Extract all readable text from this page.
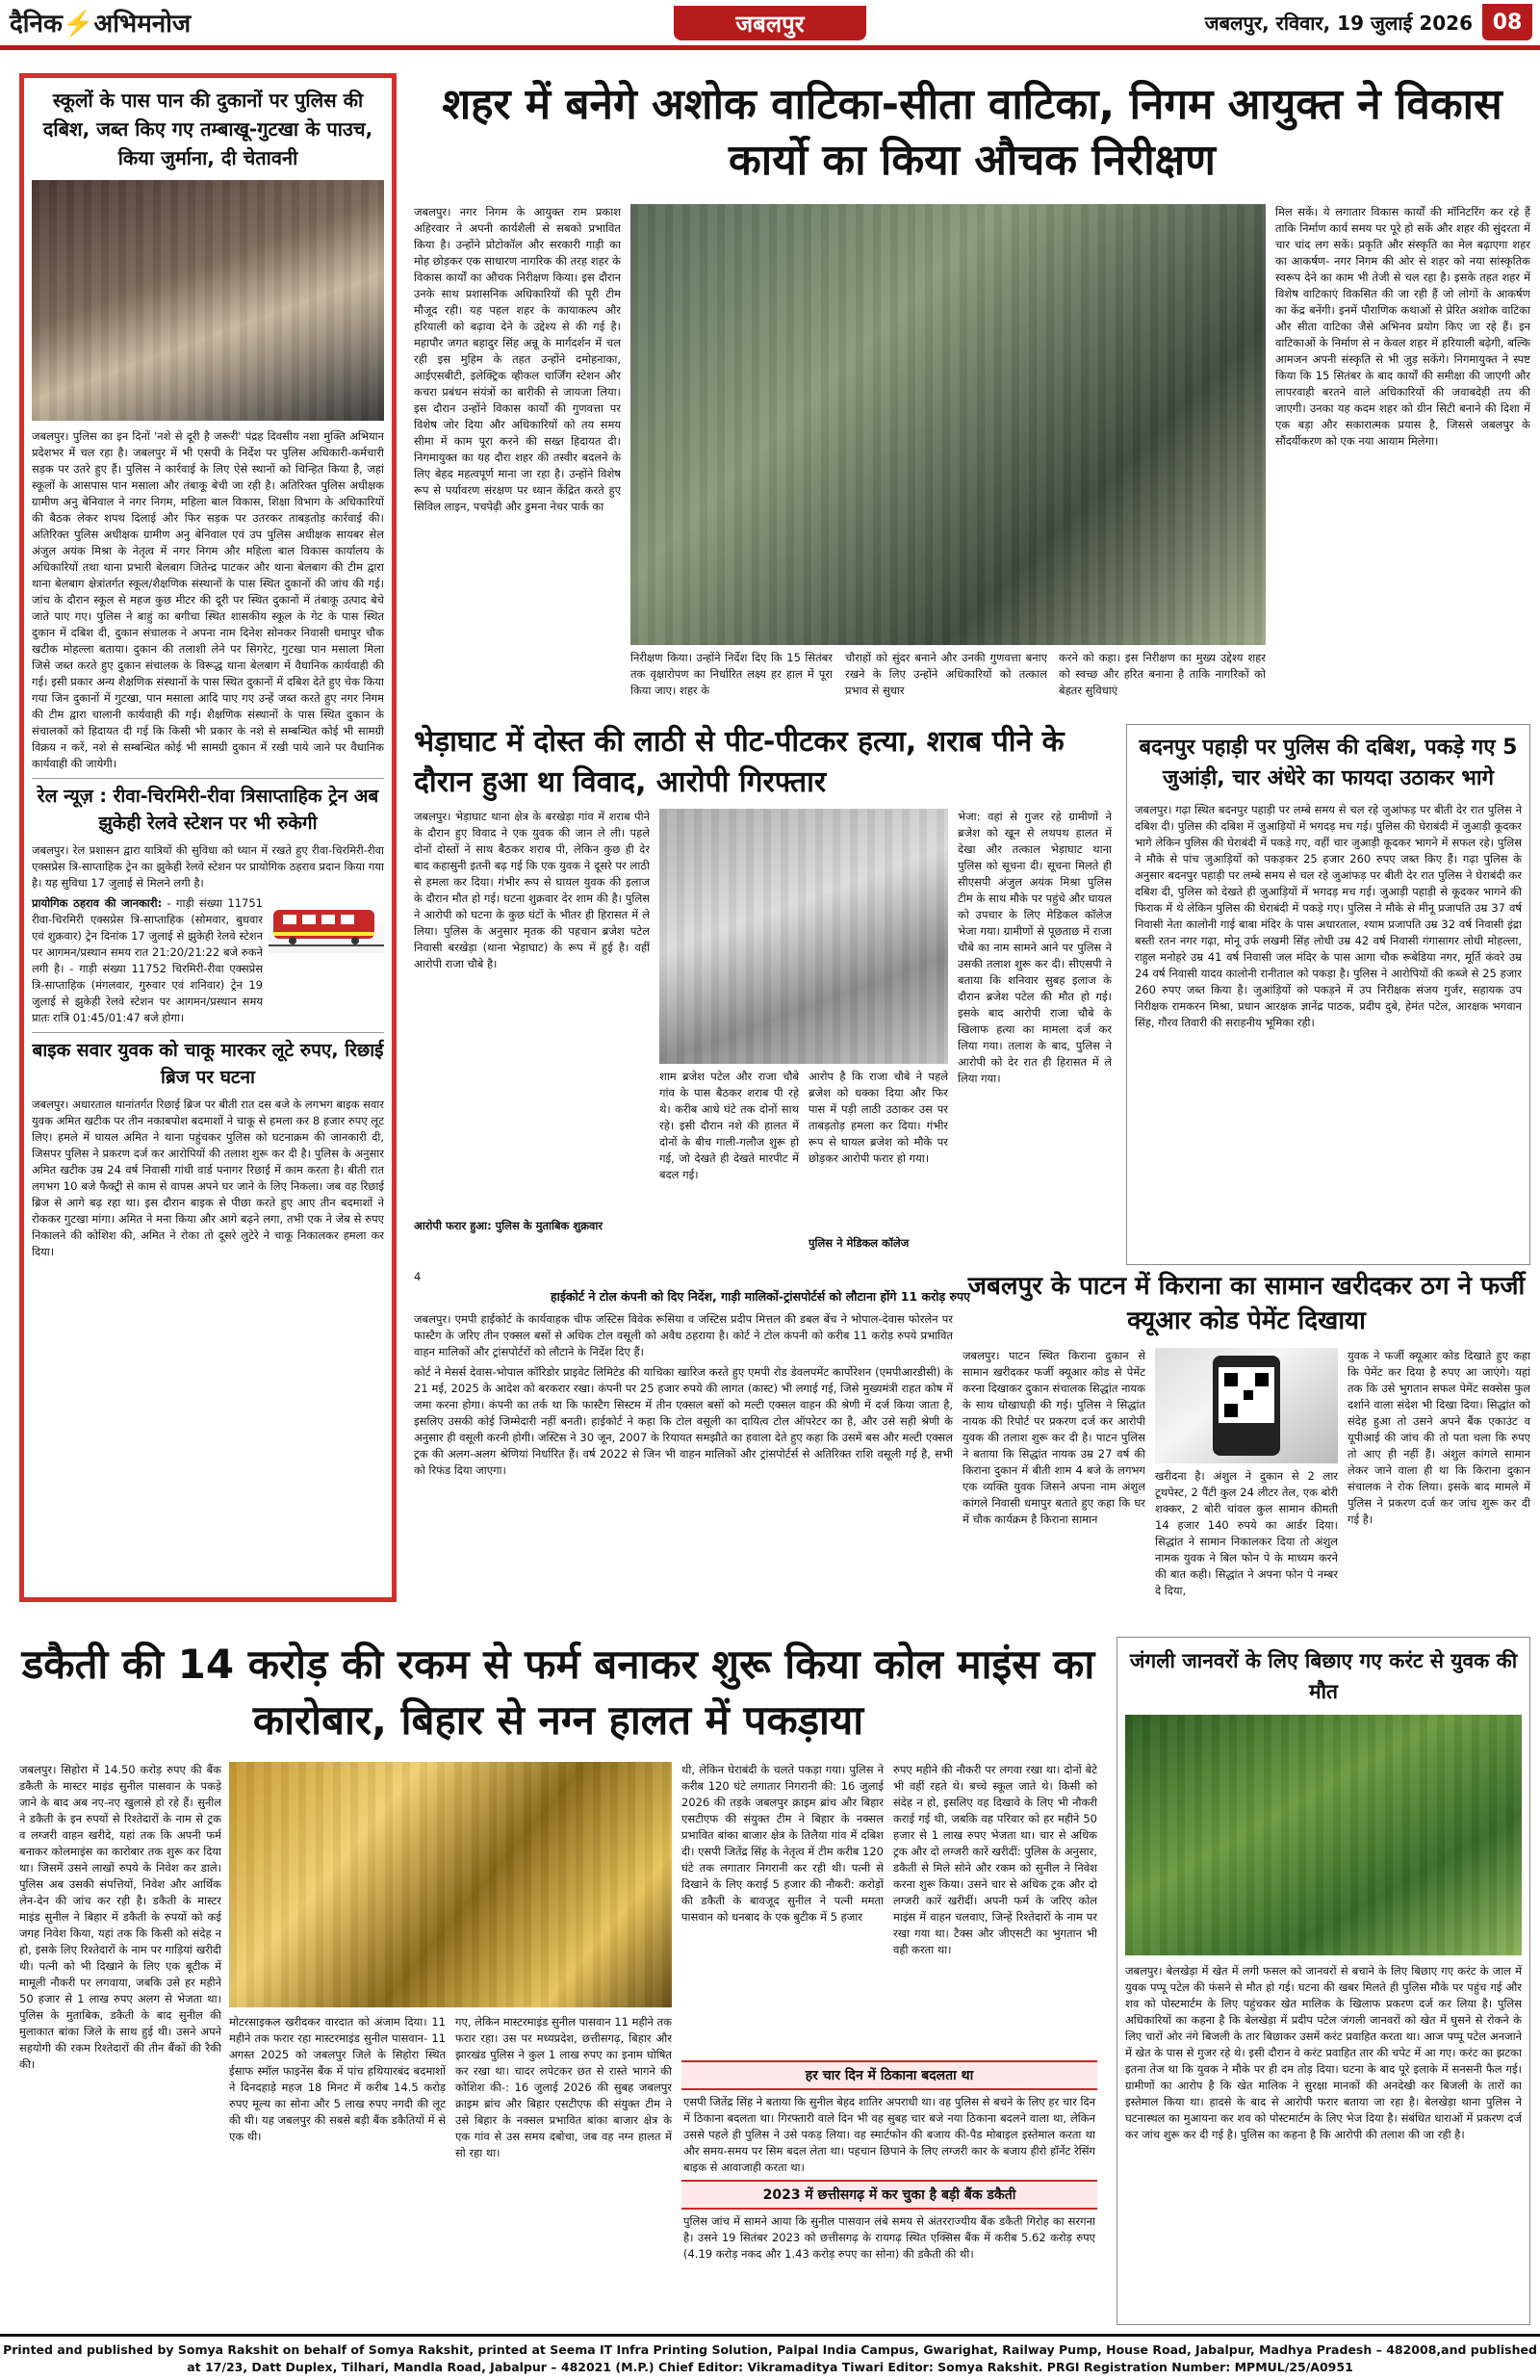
दैनिक⚡अभिमनोज	जबलपुर	जबलपुर, रविवार, 19 जुलाई 2026 08
स्कूलों के पास पान की दुकानों पर पुलिस की दबिश, जब्त किए गए तम्बाखू-गुटखा के पाउच, किया जुर्माना, दी चेतावनी
जबलपुर। पुलिस का इन दिनों 'नशे से दूरी है जरूरी' पंद्रह दिवसीय नशा मुक्ति अभियान प्रदेशभर में चल रहा है। जबलपुर में भी एसपी के निर्देश पर पुलिस अधिकारी-कर्मचारी सड़क पर उतरे हुए हैं। पुलिस ने कार्रवाई के लिए ऐसे स्थानों को चिन्हित किया है, जहां स्कूलों के आसपास पान मसाला और तंबाकू बेची जा रही है। अतिरिक्त पुलिस अधीक्षक ग्रामीण अनु बेनिवाल ने नगर निगम, महिला बाल विकास, शिक्षा विभाग के अधिकारियों की बैठक लेकर शपथ दिलाई और फिर सड़क पर उतरकर ताबड़तोड़ कार्रवाई की। अतिरिक्त पुलिस अधीक्षक ग्रामीण अनु बेनिवाल एवं उप पुलिस अधीक्षक सायबर सेल अंजुल अयंक मिश्रा के नेतृत्व में नगर निगम और महिला बाल विकास कार्यालय के अधिकारियों तथा थाना प्रभारी बेलबाग जितेन्द्र पाटकर और थाना बेलबाग की टीम द्वारा थाना बेलबाग क्षेत्रांतर्गत स्कूल/शैक्षणिक संस्थानों के पास स्थित दुकानों की जांच की गई। जांच के दौरान स्कूल से महज कुछ मीटर की दूरी पर स्थित दुकानों में तंबाकू उत्पाद बेचे जाते पाए गए। पुलिस ने बाहुं का बगीचा स्थित शासकीय स्कूल के गेट के पास स्थित दुकान में दबिश दी, दुकान संचालक ने अपना नाम दिनेश सोनकर निवासी धमापुर चौक खटीक मोहल्ला बताया। दुकान की तलाशी लेने पर सिगरेट, गुटखा पान मसाला मिला जिसे जब्त करते हुए दुकान संचालक के विरूद्ध थाना बेलबाग में वैधानिक कार्यवाही की गई। इसी प्रकार अन्य शैक्षणिक संस्थानों के पास स्थित दुकानों में दबिश देते हुए चेक किया गया जिन दुकानों में गुटखा, पान मसाला आदि पाए गए उन्हें जब्त करते हुए नगर निगम की टीम द्वारा चालानी कार्यवाही की गई। शैक्षणिक संस्थानों के पास स्थित दुकान के संचालकों को हिदायत दी गई कि किसी भी प्रकार के नशे से सम्बन्धित कोई भी सामग्री विक्रय न करें, नशे से सम्बन्धित कोई भी सामग्री दुकान में रखी पाये जाने पर वैधानिक कार्यवाही की जायेगी।
रेल न्यूज़ : रीवा-चिरमिरी-रीवा त्रिसाप्ताहिक ट्रेन अब झुकेही रेलवे स्टेशन पर भी रुकेगी
जबलपुर। रेल प्रशासन द्वारा यात्रियों की सुविधा को ध्यान में रखते हुए रीवा-चिरमिरी-रीवा एक्सप्रेस त्रि-साप्ताहिक ट्रेन का झुकेही रेलवे स्टेशन पर प्रायोगिक ठहराव प्रदान किया गया है। यह सुविधा 17 जुलाई से मिलने लगी है।
प्रायोगिक ठहराव की जानकारी: - गाड़ी संख्या 11751 रीवा-चिरमिरी एक्सप्रेस त्रि-साप्ताहिक (सोमवार, बुधवार एवं शुक्रवार) ट्रेन दिनांक 17 जुलाई से झुकेही रेलवे स्टेशन पर आगमन/प्रस्थान समय रात 21:20/21:22 बजे रुकने लगी है। - गाड़ी संख्या 11752 चिरमिरी-रीवा एक्सप्रेस त्रि-साप्ताहिक (मंगलवार, गुरुवार एवं शनिवार) ट्रेन 19 जुलाई से झुकेही रेलवे स्टेशन पर आगमन/प्रस्थान समय प्रातः रात्रि 01:45/01:47 बजे होगा।
बाइक सवार युवक को चाकू मारकर लूटे रुपए, रिछाई ब्रिज पर घटना
जबलपुर। अधारताल थानांतर्गत रिछाई ब्रिज पर बीती रात दस बजे के लगभग बाइक सवार युवक अमित खटीक पर तीन नकाबपोश बदमाशों ने चाकू से हमला कर 8 हजार रुपए लूट लिए। हमले में घायल अमित ने थाना पहुंचकर पुलिस को घटनाक्रम की जानकारी दी, जिसपर पुलिस ने प्रकरण दर्ज कर आरोपियों की तलाश शुरू कर दी है। पुलिस के अनुसार अमित खटीक उम्र 24 वर्ष निवासी गांधी वार्ड पनागर रिछाई में काम करता है। बीती रात लगभग 10 बजे फैक्ट्री से काम से वापस अपने घर जाने के लिए निकला। जब वह रिछाई ब्रिज से आगे बढ़ रहा था। इस दौरान बाइक से पीछा करते हुए आए तीन बदमाशों ने रोककर गुटखा मांगा। अमित ने मना किया और आगे बढ़ने लगा, तभी एक ने जेब से रुपए निकालने की कोशिश की, अमित ने रोका तो दूसरे लुटेरे ने चाकू निकालकर हमला कर दिया।
शहर में बनेगे अशोक वाटिका-सीता वाटिका, निगम आयुक्त ने विकास कार्यो का किया औचक निरीक्षण
जबलपुर। नगर निगम के आयुक्त राम प्रकाश अहिरवार ने अपनी कार्यशैली से सबको प्रभावित किया है। उन्होंने प्रोटोकॉल और सरकारी गाड़ी का मोह छोड़कर एक साधारण नागरिक की तरह शहर के विकास कार्यों का औचक निरीक्षण किया। इस दौरान उनके साथ प्रशासनिक अधिकारियों की पूरी टीम मौजूद रही। यह पहल शहर के कायाकल्प और हरियाली को बढ़ावा देने के उद्देश्य से की गई है। महापौर जगत बहादुर सिंह अन्नू के मार्गदर्शन में चल रही इस मुहिम के तहत उन्होंने दमोहनाका, आईएसबीटी, इलेक्ट्रिक व्हीकल चार्जिंग स्टेशन और कचरा प्रबंधन संयंत्रों का बारीकी से जायजा लिया। इस दौरान उन्होंने विकास कार्यों की गुणवत्ता पर विशेष जोर दिया और अधिकारियों को तय समय सीमा में काम पूरा करने की सख्त हिदायत दी। निगमायुक्त का यह दौरा शहर की तस्वीर बदलने के लिए बेहद महत्वपूर्ण माना जा रहा है। उन्होंने विशेष रूप से पर्यावरण संरक्षण पर ध्यान केंद्रित करते हुए सिविल लाइन, पचपेढ़ी और डुमना नेचर पार्क का
निरीक्षण किया। उन्होंने निर्देश दिए कि 15 सितंबर तक वृक्षारोपण का निर्धारित लक्ष्य हर हाल में पूरा किया जाए। शहर के
चौराहों को सुंदर बनाने और उनकी गुणवत्ता बनाए रखने के लिए उन्होंने अधिकारियों को तत्काल प्रभाव से सुधार
करने को कहा। इस निरीक्षण का मुख्य उद्देश्य शहर को स्वच्छ और हरित बनाना है ताकि नागरिकों को बेहतर सुविधाएं
मिल सकें। ये लगातार विकास कार्यों की मॉनिटरिंग कर रहे हैं ताकि निर्माण कार्य समय पर पूरे हो सकें और शहर की सुंदरता में चार चांद लग सकें। प्रकृति और संस्कृति का मेल बढ़ाएगा शहर का आकर्षण- नगर निगम की ओर से शहर को नया सांस्कृतिक स्वरूप देने का काम भी तेजी से चल रहा है। इसके तहत शहर में विशेष वाटिकाएं विकसित की जा रही हैं जो लोगों के आकर्षण का केंद्र बनेंगी। इनमें पौराणिक कथाओं से प्रेरित अशोक वाटिका और सीता वाटिका जैसे अभिनव प्रयोग किए जा रहे हैं। इन वाटिकाओं के निर्माण से न केवल शहर में हरियाली बढ़ेगी, बल्कि आमजन अपनी संस्कृति से भी जुड़ सकेंगे। निगमायुक्त ने स्पष्ट किया कि 15 सितंबर के बाद कार्यों की समीक्षा की जाएगी और लापरवाही बरतने वाले अधिकारियों की जवाबदेही तय की जाएगी। उनका यह कदम शहर को ग्रीन सिटी बनाने की दिशा में एक बड़ा और सकारात्मक प्रयास है, जिससे जबलपुर के सौंदर्यीकरण को एक नया आयाम मिलेगा।
भेड़ाघाट में दोस्त की लाठी से पीट-पीटकर हत्या, शराब पीने के दौरान हुआ था विवाद, आरोपी गिरफ्तार
जबलपुर। भेड़ाघाट थाना क्षेत्र के बरखेड़ा गांव में शराब पीने के दौरान हुए विवाद ने एक युवक की जान ले ली। पहले दोनों दोस्तों ने साथ बैठकर शराब पी, लेकिन कुछ ही देर बाद कहासुनी इतनी बढ़ गई कि एक युवक ने दूसरे पर लाठी से हमला कर दिया। गंभीर रूप से घायल युवक की इलाज के दौरान मौत हो गई। घटना शुक्रवार देर शाम की है। पुलिस ने आरोपी को घटना के कुछ घंटों के भीतर ही हिरासत में ले लिया। पुलिस के अनुसार मृतक की पहचान ब्रजेश पटेल निवासी बरखेड़ा (थाना भेड़ाघाट) के रूप में हुई है। वहीं आरोपी राजा चौबे है।
आरोपी फरार हुआ: पुलिस के मुताबिक शुक्रवार
शाम ब्रजेश पटेल और राजा चौबे गांव के पास बैठकर शराब पी रहे थे। करीब आधे घंटे तक दोनों साथ रहे। इसी दौरान नशे की हालत में दोनों के बीच गाली-गलौज शुरू हो गई, जो देखते ही देखते मारपीट में बदल गई।
आरोप है कि राजा चौबे ने पहले ब्रजेश को धक्का दिया और फिर पास में पड़ी लाठी उठाकर उस पर ताबड़तोड़ हमला कर दिया। गंभीर रूप से घायल ब्रजेश को मौके पर छोड़कर आरोपी फरार हो गया।
पुलिस ने मेडिकल कॉलेज
भेजा: वहां से गुजर रहे ग्रामीणों ने ब्रजेश को खून से लथपथ हालत में देखा और तत्काल भेड़ाघाट थाना पुलिस को सूचना दी। सूचना मिलते ही सीएसपी अंजुल अयंक मिश्रा पुलिस टीम के साथ मौके पर पहुंचे और घायल को उपचार के लिए मेडिकल कॉलेज भेजा गया। ग्रामीणों से पूछताछ में राजा चौबे का नाम सामने आने पर पुलिस ने उसकी तलाश शुरू कर दी। सीएसपी ने बताया कि शनिवार सुबह इलाज के दौरान ब्रजेश पटेल की मौत हो गई। इसके बाद आरोपी राजा चौबे के खिलाफ हत्या का मामला दर्ज कर लिया गया। तलाश के बाद, पुलिस ने आरोपी को देर रात ही हिरासत में ले लिया गया।
बदनपुर पहाड़ी पर पुलिस की दबिश, पकड़े गए 5 जुआंड़ी, चार अंधेरे का फायदा उठाकर भागे
जबलपुर। गढ़ा स्थित बदनपुर पहाड़ी पर लम्बे समय से चल रहे जुआंफड़ पर बीती देर रात पुलिस ने दबिश दी। पुलिस की दबिश में जुआड़ियों में भगदड़ मच गई। पुलिस की घेराबंदी में जुआड़ी कूदकर भागे लेकिन पुलिस की घेराबंदी में पकड़े गए, वहीं चार जुआड़ी कूदकर भागने में सफल रहे। पुलिस ने मौके से पांच जुआड़ियों को पकड़कर 25 हजार 260 रुपए जब्त किए हैं। गढ़ा पुलिस के अनुसार बदनपुर पहाड़ी पर लम्बे समय से चल रहे जुआंफड़ पर बीती देर रात पुलिस ने घेराबंदी कर दबिश दी, पुलिस को देखते ही जुआड़ियों में भगदड़ मच गई। जुआड़ी पहाड़ी से कूदकर भागने की फिराक में थे लेकिन पुलिस की घेराबंदी में पकड़े गए। पुलिस ने मौके से मीनू प्रजापति उम्र 37 वर्ष निवासी नेता कालोनी गाई बाबा मंदिर के पास अधारताल, श्याम प्रजापति उम्र 32 वर्ष निवासी इंद्रा बस्ती रतन नगर गढ़ा, मोनू उर्फ लखमी सिंह लोधी उम्र 42 वर्ष निवासी गंगासागर लोधी मोहल्ला, राहुल मनोहरे उम्र 41 वर्ष निवासी जल मंदिर के पास आगा चौक रूबेडिया नगर, मूर्ति कंवरे उम्र 24 वर्ष निवासी यादव कालोनी रानीताल को पकड़ा है। पुलिस ने आरोपियों की कब्जे से 25 हजार 260 रुपए जब्त किया है। जुआंड़ियों को पकड़ने में उप निरीक्षक संजय गुर्जर, सहायक उप निरीक्षक रामकरन मिश्रा, प्रधान आरक्षक ज्ञानेंद्र पाठक, प्रदीप दुबे, हेमंत पटेल, आरक्षक भगवान सिंह, गौरव तिवारी की सराहनीय भूमिका रही।
4
हाईकोर्ट ने टोल कंपनी को दिए निर्देश, गाड़ी मालिकों-ट्रांसपोर्टर्स को लौटाना होंगे 11 करोड़ रुपए

जबलपुर। एमपी हाईकोर्ट के कार्यवाहक चीफ जस्टिस विवेक रूसिया व जस्टिस प्रदीप मित्तल की डबल बेंच ने भोपाल-देवास फोरलेन पर फास्टैग के जरिए तीन एक्सल बसों से अधिक टोल वसूली को अवैध ठहराया है। कोर्ट ने टोल कंपनी को करीब 11 करोड़ रुपये प्रभावित वाहन मालिकों और ट्रांसपोर्टरों को लौटाने के निर्देश दिए हैं।

कोर्ट ने मेसर्स देवास-भोपाल कॉरिडोर प्राइवेट लिमिटेड की याचिका खारिज करते हुए एमपी रोड डेवलपमेंट कार्पोरेशन (एमपीआरडीसी) के 21 मई, 2025 के आदेश को बरकरार रखा। कंपनी पर 25 हजार रुपये की लागत (कास्ट) भी लगाई गई, जिसे मुख्यमंत्री राहत कोष में जमा करना होगा। कंपनी का तर्क था कि फास्टैग सिस्टम में तीन एक्सल बसों को मल्टी एक्सल वाहन की श्रेणी में दर्ज किया जाता है, इसलिए उसकी कोई जिम्मेदारी नहीं बनती। हाईकोर्ट ने कहा कि टोल वसूली का दायित्व टोल ऑपरेटर का है, और उसे सही श्रेणी के अनुसार ही वसूली करनी होगी। जस्टिस ने 30 जून, 2007 के रियायत समझौते का हवाला देते हुए कहा कि उसमें बस और मल्टी एक्सल ट्रक की अलग-अलग श्रेणियां निर्धारित हैं। वर्ष 2022 से जिन भी वाहन मालिकों और ट्रांसपोर्टर्स से अतिरिक्त राशि वसूली गई है, सभी को रिफंड दिया जाएगा।

जबलपुर के पाटन में किराना का सामान खरीदकर ठग ने फर्जी क्यूआर कोड पेमेंट दिखाया
जबलपुर। पाटन स्थित किराना दुकान से सामान खरीदकर फर्जी क्यूआर कोड से पेमेंट करना दिखाकर दुकान संचालक सिद्धांत नायक के साथ धोखाधड़ी की गई। पुलिस ने सिद्धांत नायक की रिपोर्ट पर प्रकरण दर्ज कर आरोपी युवक की तलाश शुरू कर दी है। पाटन पुलिस ने बताया कि सिद्धांत नायक उम्र 27 वर्ष की किराना दुकान में बीती शाम 4 बजे के लगभग एक व्यक्ति युवक जिसने अपना नाम अंशुल कांगले निवासी धमापुर बताते हुए कहा कि घर में चौक कार्यक्रम है किराना सामान
खरीदना है। अंशुल ने दुकान से 2 लार टूथपेस्ट, 2 पैंटी कुल 24 लीटर तेल, एक बोरी शक्कर, 2 बोरी चांवल कुल सामान कीमती 14 हजार 140 रुपये का आर्डर दिया। सिद्धांत ने सामान निकालकर दिया तो अंशुल नामक युवक ने बिल फोन पे के माध्यम करने की बात कही। सिद्धांत ने अपना फोन पे नम्बर दे दिया,
युवक ने फर्जी क्यूआर कोड दिखाते हुए कहा कि पेमेंट कर दिया है रुपए आ जाएंगे। यहां तक कि उसे भुगतान सफल पेमेंट सक्सेस फुल दर्शाने वाला संदेश भी दिखा दिया। सिद्धांत को संदेह हुआ तो उसने अपने बैंक एकाउंट व यूपीआई की जांच की तो पता चला कि रुपए तो आए ही नहीं हैं। अंशुल कांगले सामान लेकर जाने वाला ही था कि किराना दुकान संचालक ने रोक लिया। इसके बाद मामले में पुलिस ने प्रकरण दर्ज कर जांच शुरू कर दी गई है।
डकैती की 14 करोड़ की रकम से फर्म बनाकर शुरू किया कोल माइंस का कारोबार, बिहार से नग्न हालत में पकड़ाया
जबलपुर। सिहोरा में 14.50 करोड़ रुपए की बैंक डकैती के मास्टर माइंड सुनील पासवान के पकड़े जाने के बाद अब नए-नए खुलासे हो रहे हैं। सुनील ने डकैती के इन रुपयों से रिश्तेदारों के नाम से ट्रक व लग्जरी वाहन खरीदे, यहां तक कि अपनी फर्म बनाकर कोलमाइंस का कारोबार तक शुरू कर दिया था। जिसमें उसने लाखों रुपये के निवेश कर डाले। पुलिस अब उसकी संपत्तियों, निवेश और आर्थिक लेन-देन की जांच कर रही है। डकैती के मास्टर माइंड सुनील ने बिहार में डकैती के रुपयों को कई जगह निवेश किया, यहां तक कि किसी को संदेह न हो, इसके लिए रिश्तेदारों के नाम पर गाड़ियां खरीदी थी। पत्नी को भी दिखाने के लिए एक बूटीक में मामूली नौकरी पर लगवाया, जबकि उसे हर महीने 50 हजार से 1 लाख रुपए अलग से भेजता था। पुलिस के मुताबिक, डकैती के बाद सुनील की मुलाकात बांका जिले के साथ हुई थी। उसने अपने सहयोगी की रकम रिश्तेदारों की तीन बैंकों की रैकी की।
मोटरसाइकल खरीदकर वारदात को अंजाम दिया। 11 महीने तक फरार रहा मास्टरमाइंड सुनील पासवान- 11 अगस्त 2025 को जबलपुर जिले के सिहोरा स्थित ईसाफ स्मॉल फाइनेंस बैंक में पांच हथियारबंद बदमाशों ने दिनदहाड़े महज 18 मिनट में करीब 14.5 करोड़ रुपए मूल्य का सोना और 5 लाख रुपए नगदी की लूट की थी। यह जबलपुर की सबसे बड़ी बैंक डकैतियों में से एक थी।
गए, लेकिन मास्टरमाइंड सुनील पासवान 11 महीने तक फरार रहा। उस पर मध्यप्रदेश, छत्तीसगढ़, बिहार और झारखंड पुलिस ने कुल 1 लाख रुपए का इनाम घोषित कर रखा था। चादर लपेटकर छत से रास्ते भागने की कोशिश की-: 16 जुलाई 2026 की सुबह जबलपुर क्राइम ब्रांच और बिहार एसटीएफ की संयुक्त टीम ने उसे बिहार के नक्सल प्रभावित बांका बाजार क्षेत्र के एक गांव से उस समय दबोचा, जब वह नग्न हालत में सो रहा था।
थी, लेकिन घेराबंदी के चलते पकड़ा गया। पुलिस ने करीब 120 घंटे लगातार निगरानी की: 16 जुलाई 2026 की तड़के जबलपुर क्राइम ब्रांच और बिहार एसटीएफ की संयुक्त टीम ने बिहार के नक्सल प्रभावित बांका बाजार क्षेत्र के तिलैया गांव में दबिश दी। एसपी जितेंद्र सिंह के नेतृत्व में टीम करीब 120 घंटे तक लगातार निगरानी कर रही थी। पत्नी से दिखाने के लिए कराई 5 हजार की नौकरी: करोड़ों की डकैती के बावजूद सुनील ने पत्नी ममता पासवान को धनबाद के एक बुटीक में 5 हजार
रुपए महीने की नौकरी पर लगवा रखा था। दोनों बेटे भी वहीं रहते थे। बच्चे स्कूल जाते थे। किसी को संदेह न हो, इसलिए वह दिखावे के लिए भी नौकरी कराई गई थी, जबकि वह परिवार को हर महीने 50 हजार से 1 लाख रुपए भेजता था। चार से अधिक ट्रक और दो लग्जरी कारें खरीदीं: पुलिस के अनुसार, डकैती से मिले सोने और रकम को सुनील ने निवेश करना शुरू किया। उसने चार से अधिक ट्रक और दो लग्जरी कारें खरीदीं। अपनी फर्म के जरिए कोल माइंस में वाहन चलवाए, जिन्हें रिश्तेदारों के नाम पर रखा गया था। टैक्स और जीएसटी का भुगतान भी वही करता था।
हर चार दिन में ठिकाना बदलता था
एसपी जितेंद्र सिंह ने बताया कि सुनील बेहद शातिर अपराधी था। वह पुलिस से बचने के लिए हर चार दिन में ठिकाना बदलता था। गिरफ्तारी वाले दिन भी वह सुबह चार बजे नया ठिकाना बदलने वाला था, लेकिन उससे पहले ही पुलिस ने उसे पकड़ लिया। वह स्मार्टफोन की बजाय की-पैड मोबाइल इस्तेमाल करता था और समय-समय पर सिम बदल लेता था। पहचान छिपाने के लिए लग्जरी कार के बजाय हीरो हॉर्नेट रेसिंग बाइक से आवाजाही करता था।
2023 में छत्तीसगढ़ में कर चुका है बड़ी बैंक डकैती
पुलिस जांच में सामने आया कि सुनील पासवान लंबे समय से अंतरराज्यीय बैंक डकैती गिरोह का सरगना है। उसने 19 सितंबर 2023 को छत्तीसगढ़ के रायगढ़ स्थित एक्सिस बैंक में करीब 5.62 करोड़ रुपए (4.19 करोड़ नकद और 1.43 करोड़ रुपए का सोना) की डकैती की थी।
जंगली जानवरों के लिए बिछाए गए करंट से युवक की मौत
जबलपुर। बेलखेड़ा में खेत में लगी फसल को जानवरों से बचाने के लिए बिछाए गए करंट के जाल में युवक पप्पू पटेल की फंसने से मौत हो गई। घटना की खबर मिलते ही पुलिस मौके पर पहुंच गई और शव को पोस्टमार्टम के लिए पहुंचकर खेत मालिक के खिलाफ प्रकरण दर्ज कर लिया है। पुलिस अधिकारियों का कहना है कि बेलखेड़ा में प्रदीप पटेल जंगली जानवरों को खेत में घुसने से रोकने के लिए चारों ओर नंगे बिजली के तार बिछाकर उसमें करंट प्रवाहित करता था। आज पप्पू पटेल अनजाने में खेत के पास से गुजर रहे थे। इसी दौरान वे करंट प्रवाहित तार की चपेट में आ गए। करंट का झटका इतना तेज था कि युवक ने मौके पर ही दम तोड़ दिया। घटना के बाद पूरे इलाके में सनसनी फैल गई। ग्रामीणों का आरोप है कि खेत मालिक ने सुरक्षा मानकों की अनदेखी कर बिजली के तारों का इस्तेमाल किया था। हादसे के बाद से आरोपी फरार बताया जा रहा है। बेलखेड़ा थाना पुलिस ने घटनास्थल का मुआयना कर शव को पोस्टमार्टम के लिए भेज दिया है। संबंधित धाराओं में प्रकरण दर्ज कर जांच शुरू कर दी गई है। पुलिस का कहना है कि आरोपी की तलाश की जा रही है।
Printed and published by Somya Rakshit on behalf of Somya Rakshit, printed at Seema IT Infra Printing Solution, Palpal India Campus, Gwarighat, Railway Pump, House Road, Jabalpur, Madhya Pradesh – 482008,and published at 17/23, Datt Duplex, Tilhari, Mandla Road, Jabalpur – 482021 (M.P.) Chief Editor: Vikramaditya Tiwari Editor: Somya Rakshit. PRGI Registration Number: MPMUL/25/A0951
